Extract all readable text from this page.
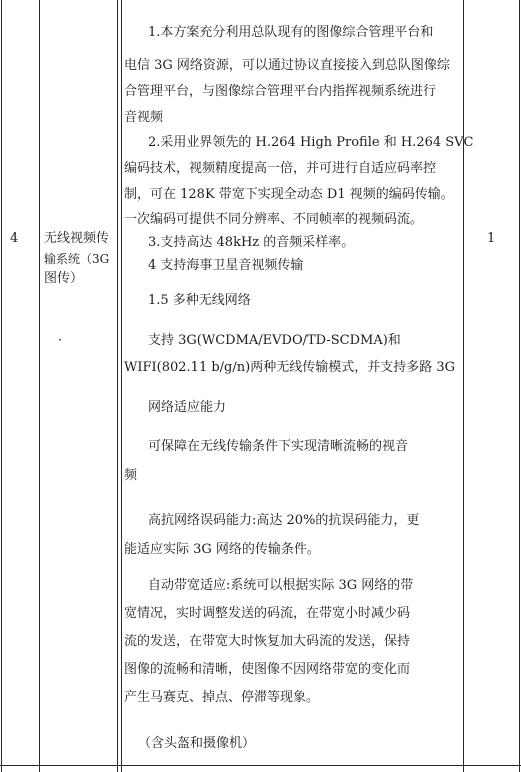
4 无线视频传
输系统（3G
图传）
·
1
1.本方案充分利用总队现有的图像综合管理平台和
电信 3G 网络资源，可以通过协议直接接入到总队图像综
合管理平台，与图像综合管理平台内指挥视频系统进行
音视频
2.采用业界领先的 H.264 High Profile 和 H.264 SVC
编码技术，视频精度提高一倍，并可进行自适应码率控
制，可在 128K 带宽下实现全动态 D1 视频的编码传输。
一次编码可提供不同分辨率、不同帧率的视频码流。
3.支持高达 48kHz 的音频采样率。
4 支持海事卫星音视频传输
1.5 多种无线网络
支持 3G(WCDMA/EVDO/TD-SCDMA)和
WIFI(802.11 b/g/n)两种无线传输模式，并支持多路 3G
网络适应能力
可保障在无线传输条件下实现清晰流畅的视音
频
高抗网络误码能力:高达 20%的抗误码能力，更
能适应实际 3G 网络的传输条件。
自动带宽适应:系统可以根据实际 3G 网络的带
宽情况，实时调整发送的码流，在带宽小时减少码
流的发送，在带宽大时恢复加大码流的发送，保持
图像的流畅和清晰，使图像不因网络带宽的变化而
产生马赛克、掉点、停滞等现象。
（含头盔和摄像机）
